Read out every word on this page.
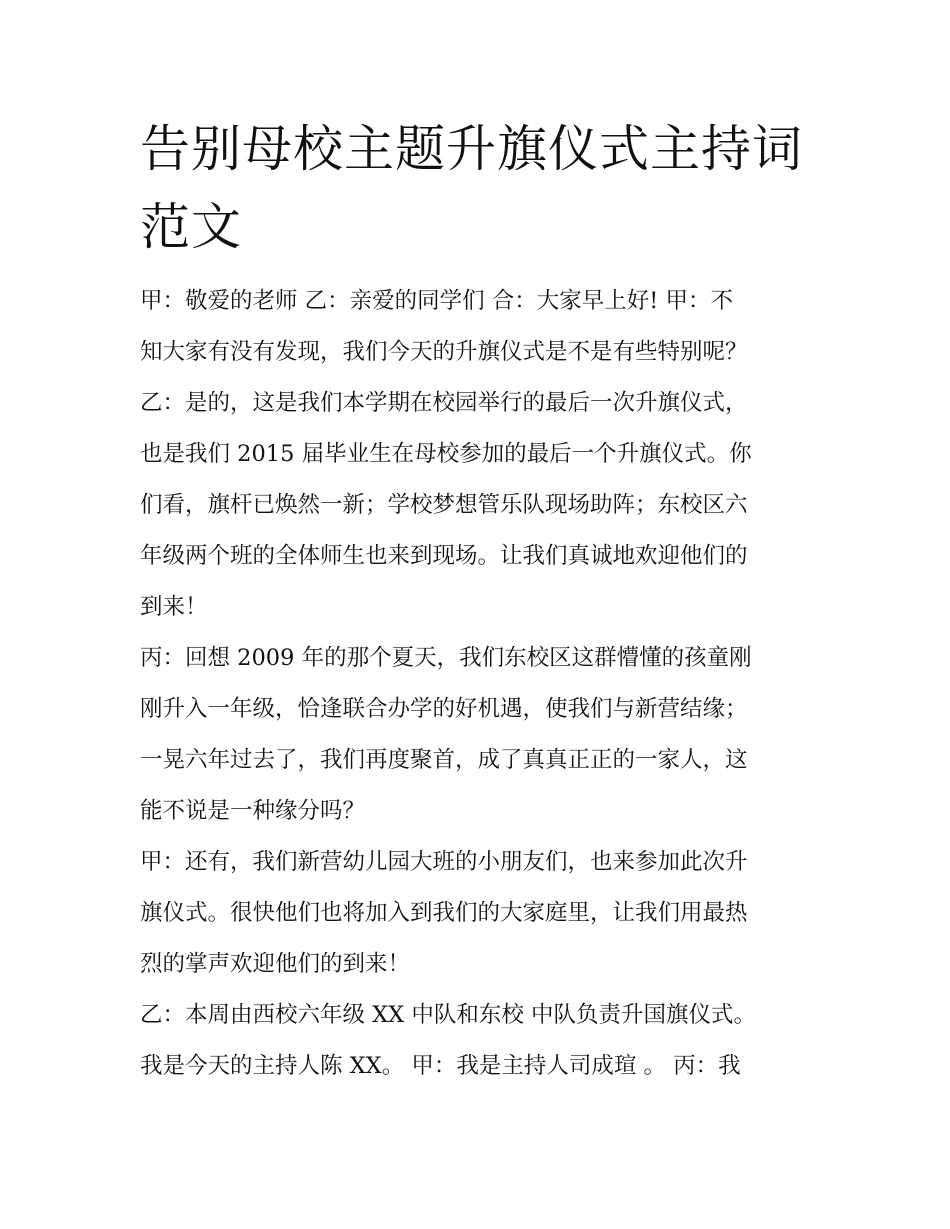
告别母校主题升旗仪式主持词
范文
甲：敬爱的老师 乙：亲爱的同学们 合：大家早上好! 甲：不
知大家有没有发现，我们今天的升旗仪式是不是有些特别呢？
乙：是的，这是我们本学期在校园举行的最后一次升旗仪式，
也是我们 2015 届毕业生在母校参加的最后一个升旗仪式。你
们看，旗杆已焕然一新；学校梦想管乐队现场助阵；东校区六
年级两个班的全体师生也来到现场。让我们真诚地欢迎他们的
到来！
丙：回想 2009 年的那个夏天，我们东校区这群懵懂的孩童刚
刚升入一年级，恰逢联合办学的好机遇，使我们与新营结缘；
一晃六年过去了，我们再度聚首，成了真真正正的一家人，这
能不说是一种缘分吗？
甲：还有，我们新营幼儿园大班的小朋友们，也来参加此次升
旗仪式。很快他们也将加入到我们的大家庭里，让我们用最热
烈的掌声欢迎他们的到来！
乙：本周由西校六年级 XX 中队和东校 中队负责升国旗仪式。
我是今天的主持人陈 XX。 甲：我是主持人司成瑄 。 丙：我
